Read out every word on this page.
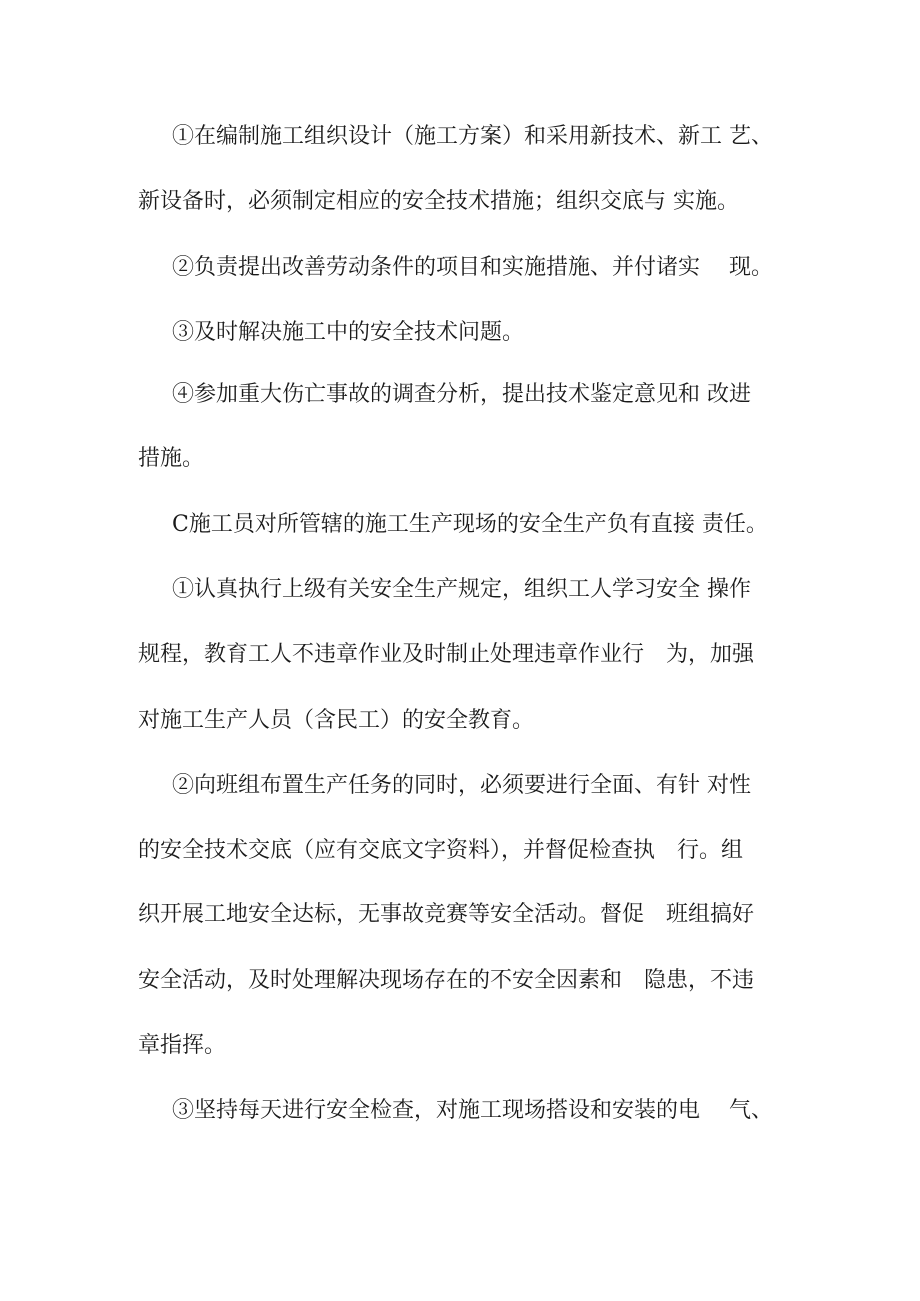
①在编制施工组织设计（施工方案）和采用新技术、新工 艺、
新设备时，必须制定相应的安全技术措施；组织交底与 实施。
②负责提出改善劳动条件的项目和实施措施、并付诸实　 现。
③及时解决施工中的安全技术问题。
④参加重大伤亡事故的调查分析，提出技术鉴定意见和 改进
措施。
C施工员对所管辖的施工生产现场的安全生产负有直接 责任。
①认真执行上级有关安全生产规定，组织工人学习安全 操作
规程，教育工人不违章作业及时制止处理违章作业行　为，加强
对施工生产人员（含民工）的安全教育。
②向班组布置生产任务的同时，必须要进行全面、有针 对性
的安全技术交底（应有交底文字资料），并督促检查执　行。组
织开展工地安全达标，无事故竞赛等安全活动。督促　班组搞好
安全活动，及时处理解决现场存在的不安全因素和　隐患，不违
章指挥。
③坚持每天进行安全检查，对施工现场搭设和安装的电　 气、
